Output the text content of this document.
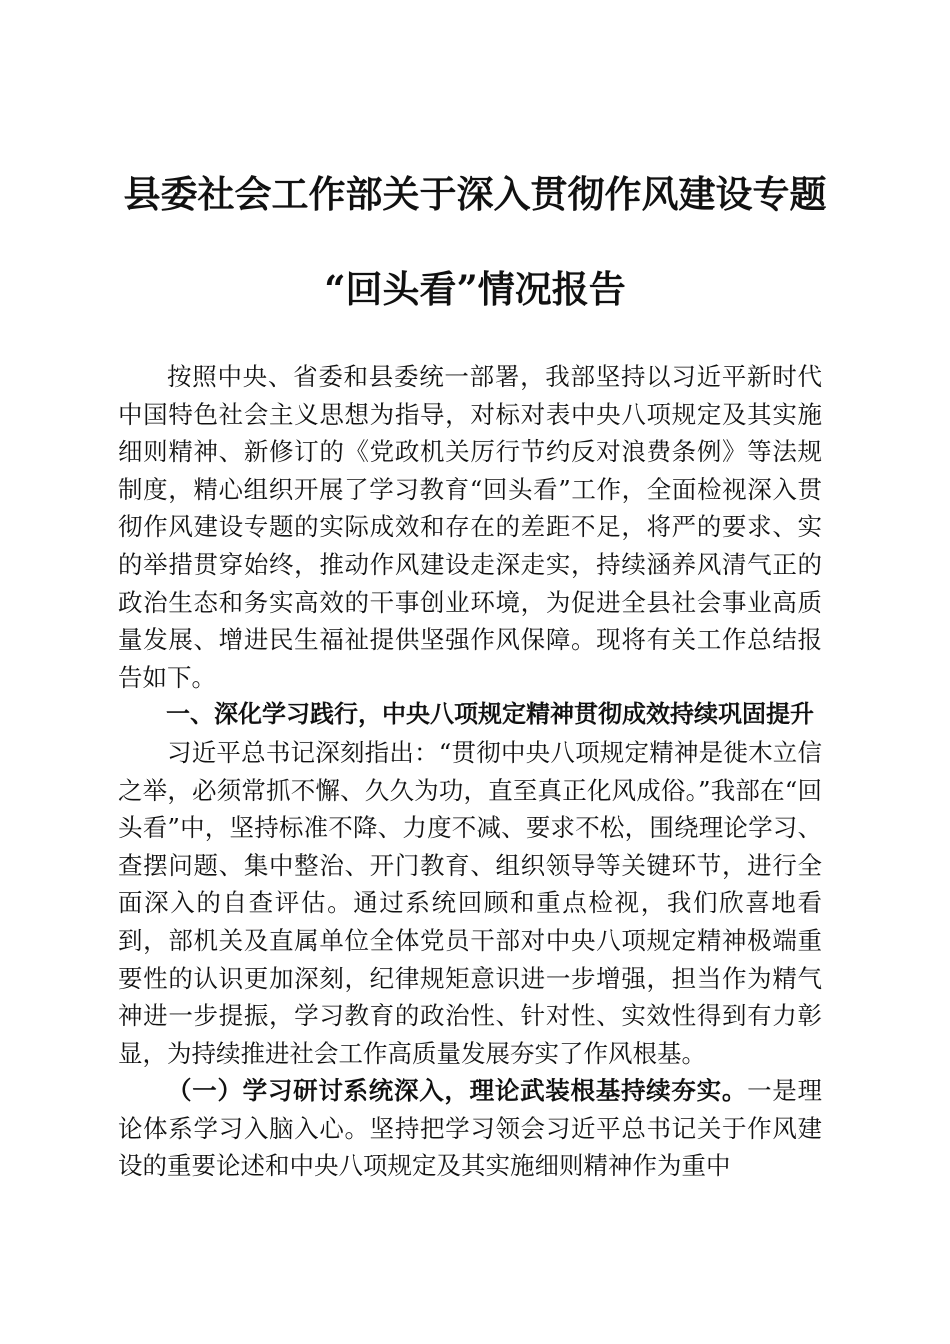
县委社会工作部关于深入贯彻作风建设专题
“回头看”情况报告

按照中央、省委和县委统一部署，我部坚持以习近平新时代中国特色社会主义思想为指导，对标对表中央八项规定及其实施细则精神、新修订的《党政机关厉行节约反对浪费条例》等法规制度，精心组织开展了学习教育“回头看”工作，全面检视深入贯彻作风建设专题的实际成效和存在的差距不足，将严的要求、实的举措贯穿始终，推动作风建设走深走实，持续涵养风清气正的政治生态和务实高效的干事创业环境，为促进全县社会事业高质量发展、增进民生福祉提供坚强作风保障。现将有关工作总结报告如下。

一、深化学习践行，中央八项规定精神贯彻成效持续巩固提升

习近平总书记深刻指出：“贯彻中央八项规定精神是徙木立信之举，必须常抓不懈、久久为功，直至真正化风成俗。”我部在“回头看”中，坚持标准不降、力度不减、要求不松，围绕理论学习、查摆问题、集中整治、开门教育、组织领导等关键环节，进行全面深入的自查评估。通过系统回顾和重点检视，我们欣喜地看到，部机关及直属单位全体党员干部对中央八项规定精神极端重要性的认识更加深刻，纪律规矩意识进一步增强，担当作为精气神进一步提振，学习教育的政治性、针对性、实效性得到有力彰显，为持续推进社会工作高质量发展夯实了作风根基。

（一）学习研讨系统深入，理论武装根基持续夯实。一是理论体系学习入脑入心。坚持把学习领会习近平总书记关于作风建设的重要论述和中央八项规定及其实施细则精神作为重中
